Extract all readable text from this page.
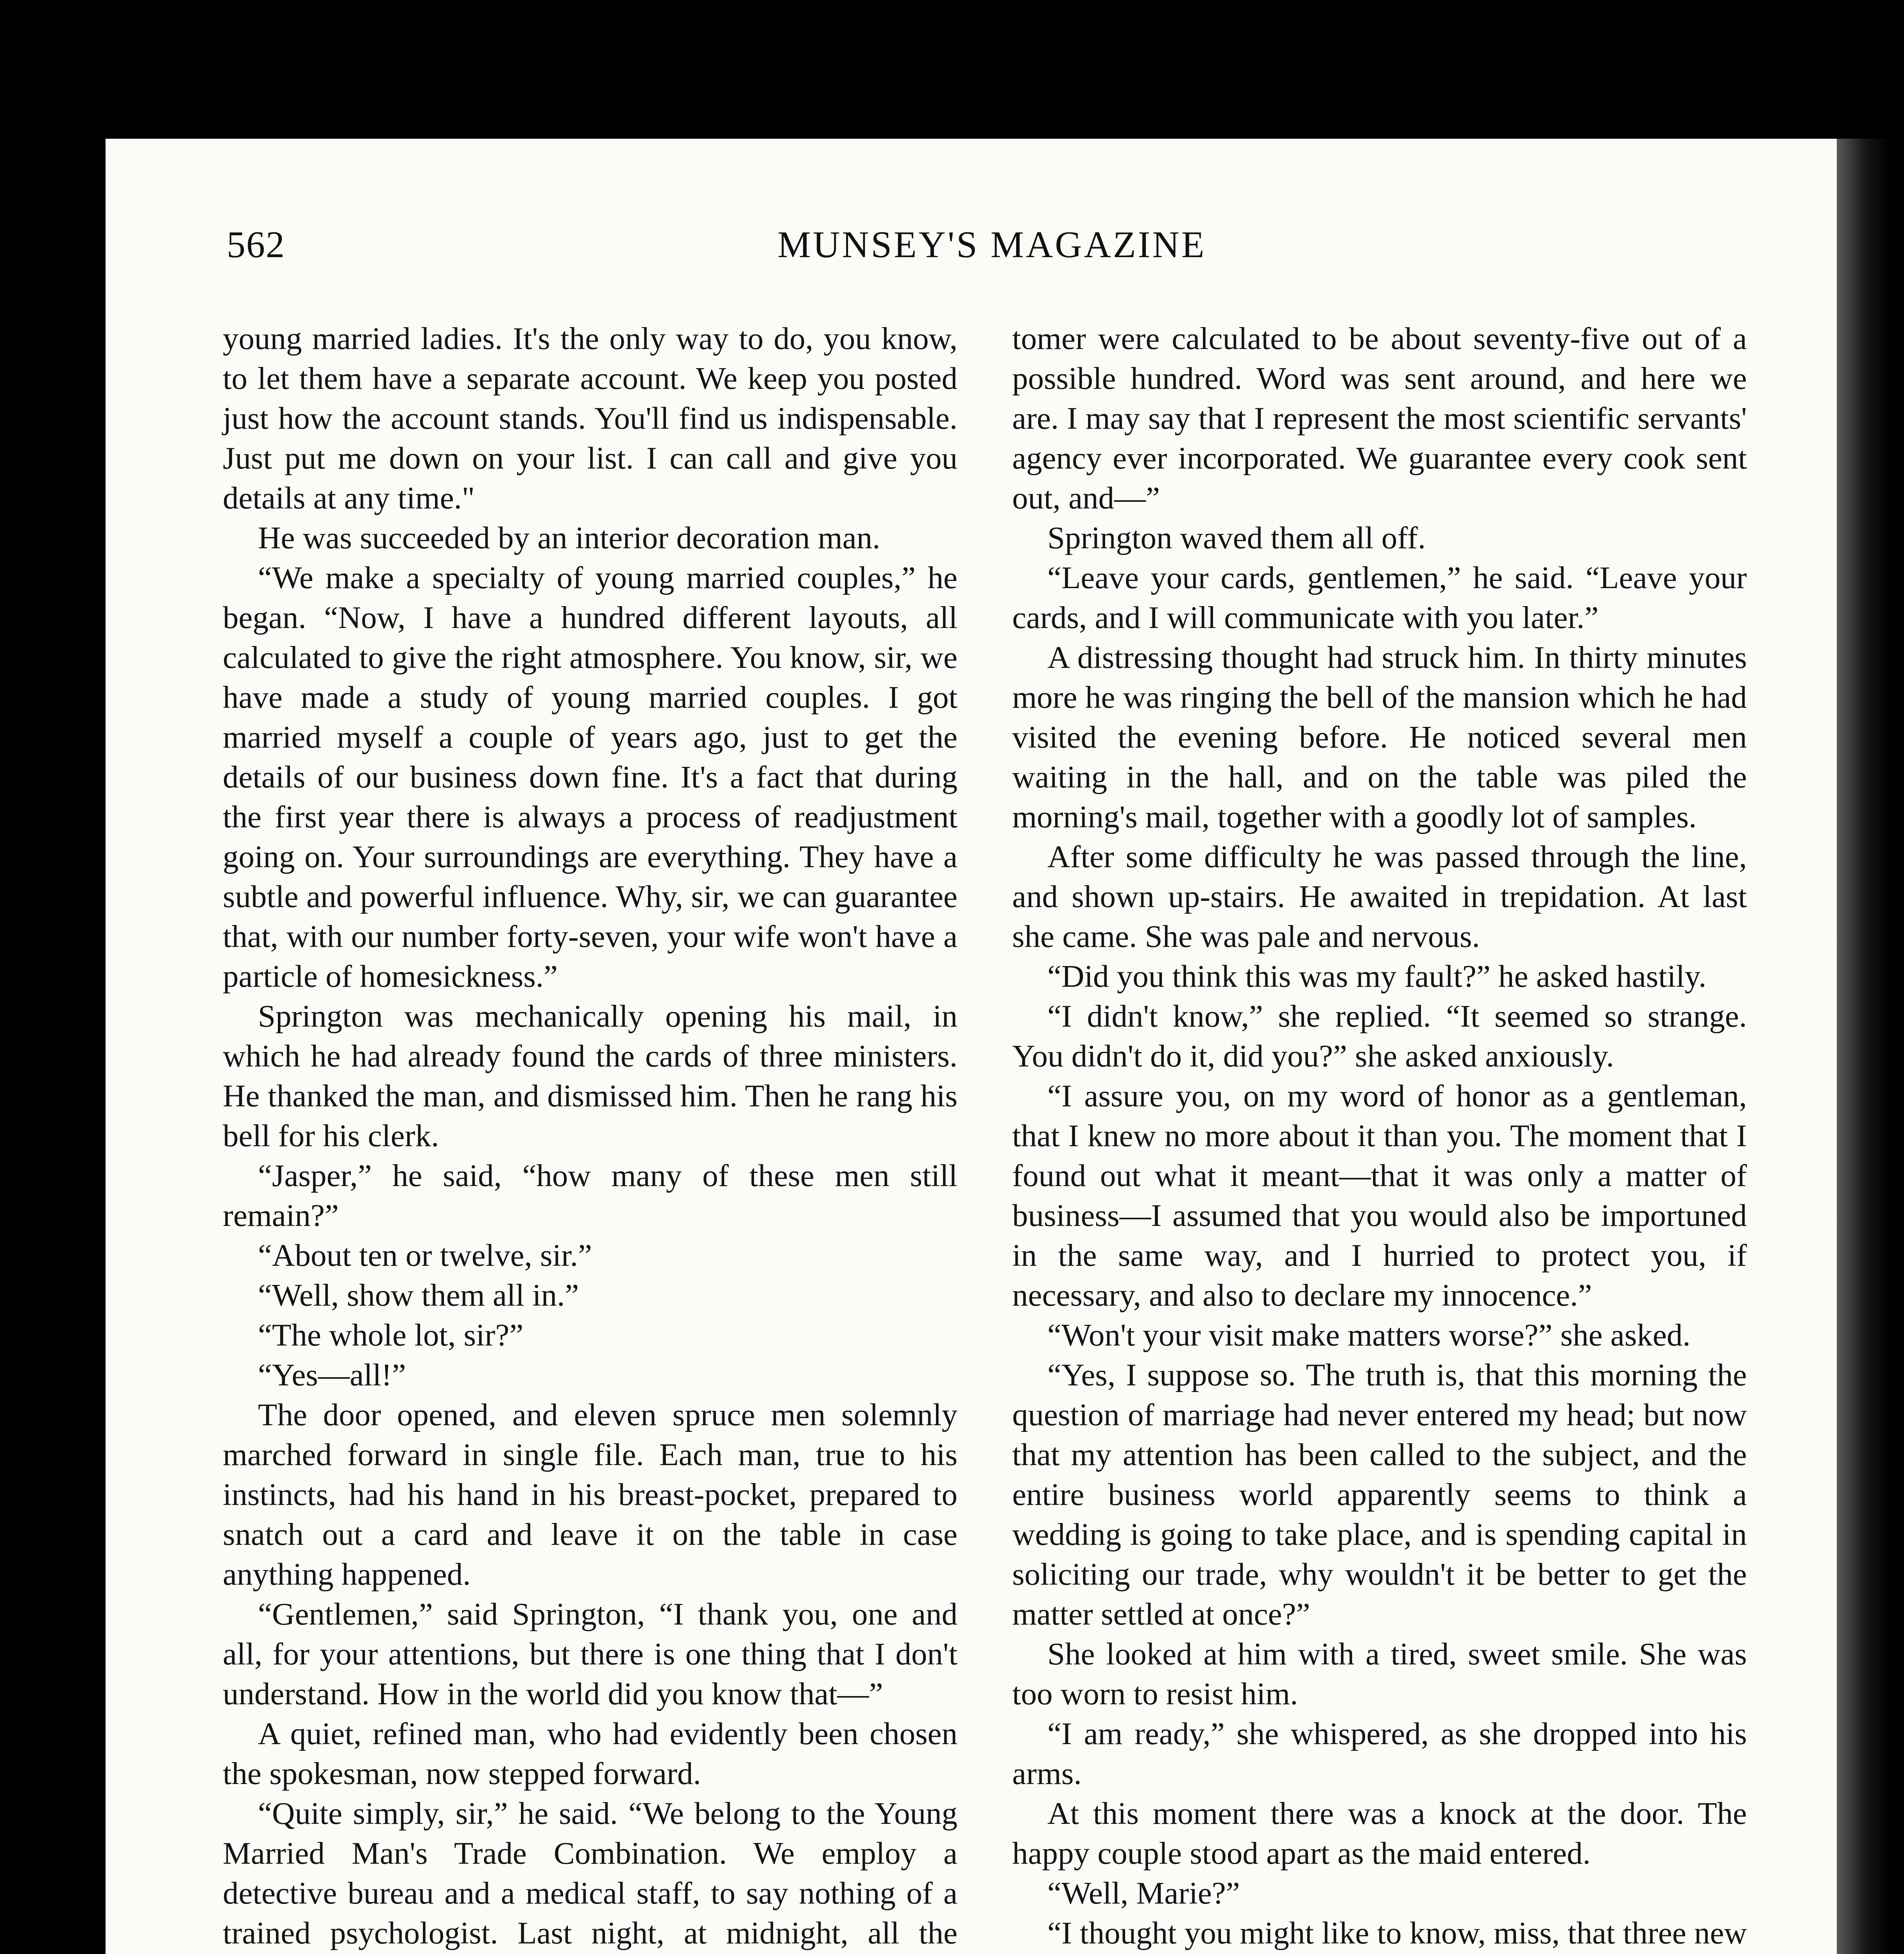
562	MUNSEY'S MAGAZINE

young married ladies. It's the only way to do, you know, to let them have a separate account. We keep you posted just how the account stands. You'll find us indispensable. Just put me down on your list. I can call and give you details at any time."

He was succeeded by an interior decoration man.

“We make a specialty of young married couples,” he began. “Now, I have a hundred different layouts, all calculated to give the right atmosphere. You know, sir, we have made a study of young married couples. I got married myself a couple of years ago, just to get the details of our business down fine. It's a fact that during the first year there is always a process of readjustment going on. Your surroundings are everything. They have a subtle and powerful influence. Why, sir, we can guarantee that, with our number forty-seven, your wife won't have a particle of homesickness.”

Springton was mechanically opening his mail, in which he had already found the cards of three ministers. He thanked the man, and dismissed him. Then he rang his bell for his clerk.

“Jasper,” he said, “how many of these men still remain?”

“About ten or twelve, sir.”

“Well, show them all in.”

“The whole lot, sir?”

“Yes—all!”

The door opened, and eleven spruce men solemnly marched forward in single file. Each man, true to his instincts, had his hand in his breast-pocket, prepared to snatch out a card and leave it on the table in case anything happened.

“Gentlemen,” said Springton, “I thank you, one and all, for your attentions, but there is one thing that I don't understand. How in the world did you know that—”

A quiet, refined man, who had evidently been chosen the spokesman, now stepped forward.

“Quite simply, sir,” he said. “We belong to the Young Married Man's Trade Combination. We employ a detective bureau and a medical staff, to say nothing of a trained psychologist. Last night, at midnight, all the

tomer were calculated to be about seventy-five out of a possible hundred. Word was sent around, and here we are. I may say that I represent the most scientific servants' agency ever incorporated. We guarantee every cook sent out, and—”

Springton waved them all off.

“Leave your cards, gentlemen,” he said. “Leave your cards, and I will communicate with you later.”

A distressing thought had struck him. In thirty minutes more he was ringing the bell of the mansion which he had visited the evening before. He noticed several men waiting in the hall, and on the table was piled the morning's mail, together with a goodly lot of samples.

After some difficulty he was passed through the line, and shown up-stairs. He awaited in trepidation. At last she came. She was pale and nervous.

“Did you think this was my fault?” he asked hastily.

“I didn't know,” she replied. “It seemed so strange. You didn't do it, did you?” she asked anxiously.

“I assure you, on my word of honor as a gentleman, that I knew no more about it than you. The moment that I found out what it meant—that it was only a matter of business—I assumed that you would also be importuned in the same way, and I hurried to protect you, if necessary, and also to declare my innocence.”

“Won't your visit make matters worse?” she asked.

“Yes, I suppose so. The truth is, that this morning the question of marriage had never entered my head; but now that my attention has been called to the subject, and the entire business world apparently seems to think a wedding is going to take place, and is spending capital in soliciting our trade, why wouldn't it be better to get the matter settled at once?”

She looked at him with a tired, sweet smile. She was too worn to resist him.

“I am ready,” she whispered, as she dropped into his arms.

At this moment there was a knock at the door. The happy couple stood apart as the maid entered.

“Well, Marie?”

“I thought you might like to know, miss, that three new
